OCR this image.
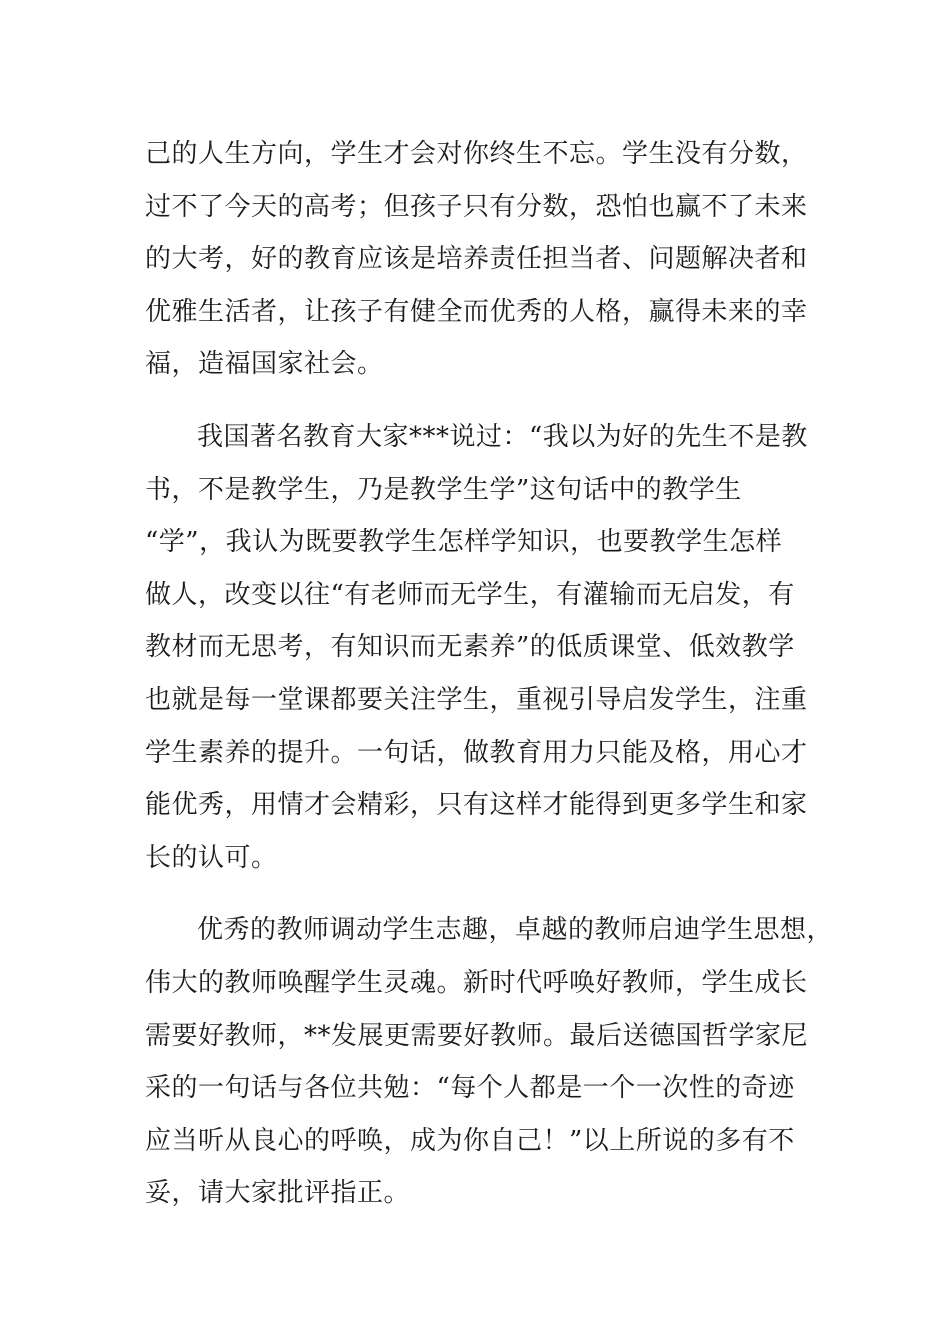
己的人生方向，学生才会对你终生不忘。学生没有分数，
过不了今天的高考；但孩子只有分数，恐怕也赢不了未来
的大考，好的教育应该是培养责任担当者、问题解决者和
优雅生活者，让孩子有健全而优秀的人格，赢得未来的幸
福，造福国家社会。
我国著名教育大家***说过：“我以为好的先生不是教
书，不是教学生，乃是教学生学”这句话中的教学生
“学”，我认为既要教学生怎样学知识，也要教学生怎样
做人，改变以往“有老师而无学生，有灌输而无启发，有
教材而无思考，有知识而无素养”的低质课堂、低效教学
也就是每一堂课都要关注学生，重视引导启发学生，注重
学生素养的提升。一句话，做教育用力只能及格，用心才
能优秀，用情才会精彩，只有这样才能得到更多学生和家
长的认可。
优秀的教师调动学生志趣，卓越的教师启迪学生思想，
伟大的教师唤醒学生灵魂。新时代呼唤好教师，学生成长
需要好教师，**发展更需要好教师。最后送德国哲学家尼
采的一句话与各位共勉：“每个人都是一个一次性的奇迹
应当听从良心的呼唤，成为你自己！”以上所说的多有不
妥，请大家批评指正。
